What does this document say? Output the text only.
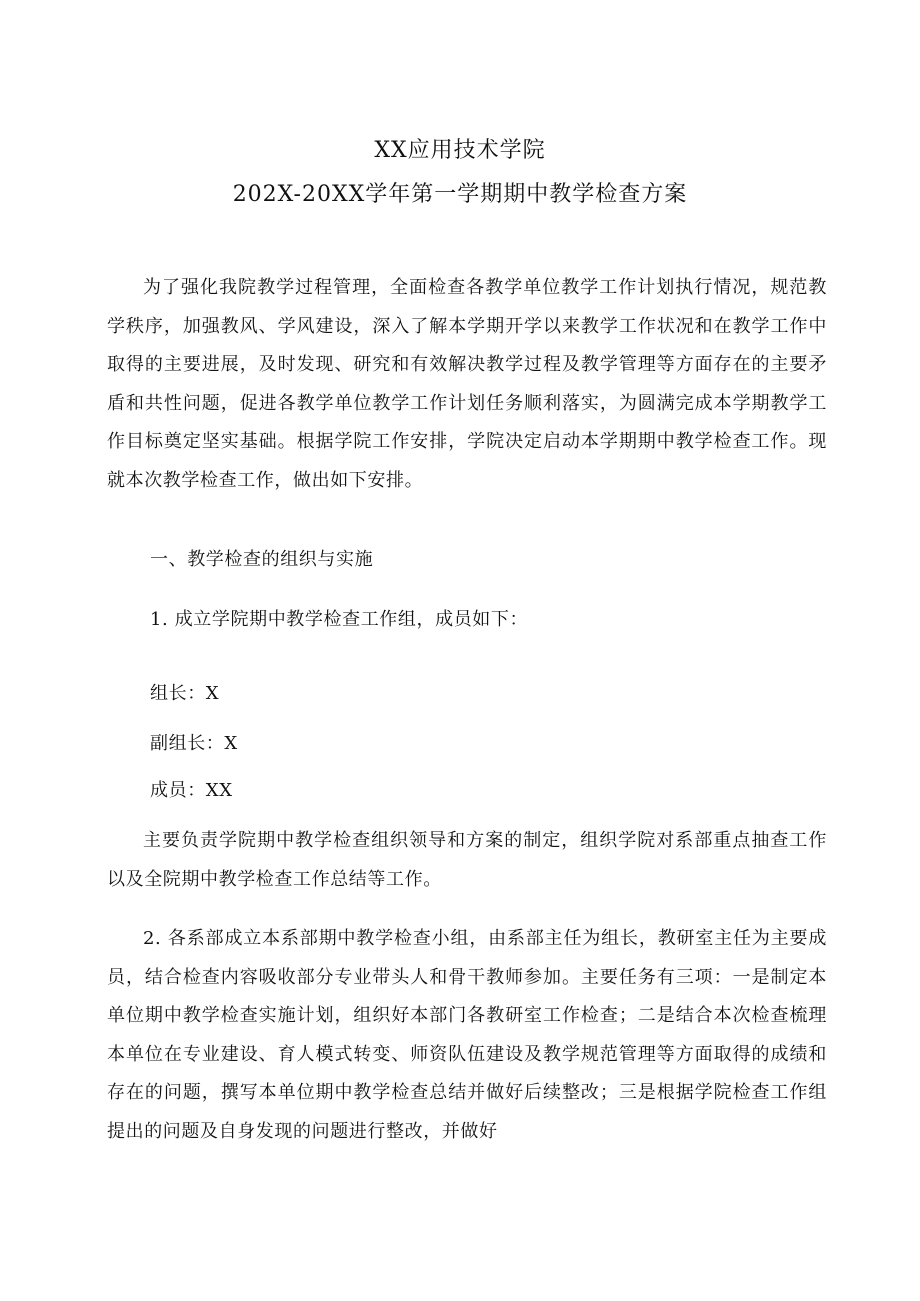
XX应用技术学院
202X-20XX学年第一学期期中教学检查方案
为了强化我院教学过程管理，全面检查各教学单位教学工作计划执行情况，规范教学秩序，加强教风、学风建设，深入了解本学期开学以来教学工作状况和在教学工作中取得的主要进展，及时发现、研究和有效解决教学过程及教学管理等方面存在的主要矛盾和共性问题，促进各教学单位教学工作计划任务顺利落实，为圆满完成本学期教学工作目标奠定坚实基础。根据学院工作安排，学院决定启动本学期期中教学检查工作。现就本次教学检查工作，做出如下安排。
一、教学检查的组织与实施
1. 成立学院期中教学检查工作组，成员如下：
组长：X
副组长：X
成员：XX
主要负责学院期中教学检查组织领导和方案的制定，组织学院对系部重点抽查工作以及全院期中教学检查工作总结等工作。
2. 各系部成立本系部期中教学检查小组，由系部主任为组长，教研室主任为主要成员，结合检查内容吸收部分专业带头人和骨干教师参加。主要任务有三项：一是制定本单位期中教学检查实施计划，组织好本部门各教研室工作检查；二是结合本次检查梳理本单位在专业建设、育人模式转变、师资队伍建设及教学规范管理等方面取得的成绩和存在的问题，撰写本单位期中教学检查总结并做好后续整改；三是根据学院检查工作组提出的问题及自身发现的问题进行整改，并做好
